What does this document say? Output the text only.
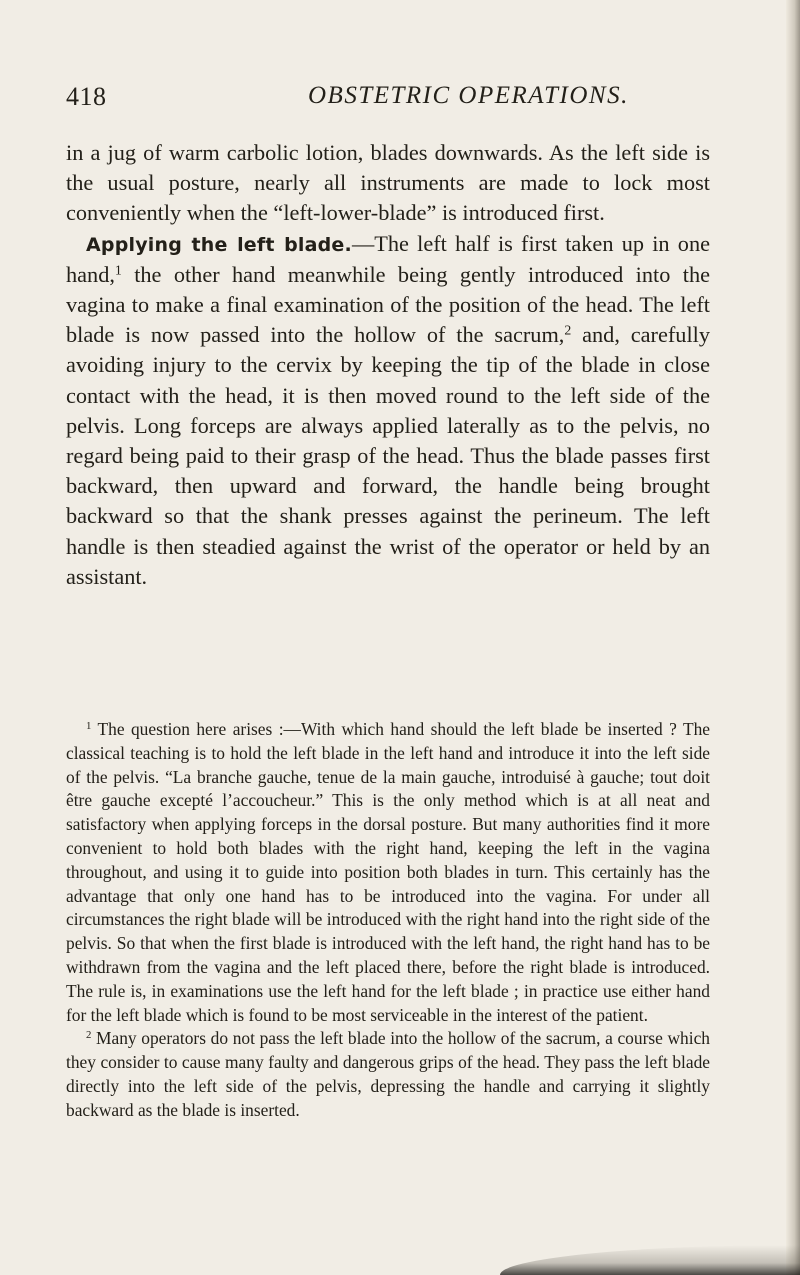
418	OBSTETRIC OPERATIONS.

in a jug of warm carbolic lotion, blades downwards. As the left side is the usual posture, nearly all instruments are made to lock most conveniently when the “left-lower-blade” is introduced first.

Applying the left blade.—The left half is first taken up in one hand,$^1$ the other hand meanwhile being gently introduced into the vagina to make a final examination of the position of the head. The left blade is now passed into the hollow of the sacrum,$^2$ and, carefully avoiding injury to the cervix by keeping the tip of the blade in close contact with the head, it is then moved round to the left side of the pelvis. Long forceps are always applied laterally as to the pelvis, no regard being paid to their grasp of the head. Thus the blade passes first backward, then upward and forward, the handle being brought backward so that the shank presses against the perineum. The left handle is then steadied against the wrist of the operator or held by an assistant.

$^1$ The question here arises :—With which hand should the left blade be inserted ? The classical teaching is to hold the left blade in the left hand and introduce it into the left side of the pelvis. “La branche gauche, tenue de la main gauche, introduisé à gauche; tout doit être gauche excepté l’accoucheur.” This is the only method which is at all neat and satisfactory when applying forceps in the dorsal posture. But many authorities find it more convenient to hold both blades with the right hand, keeping the left in the vagina throughout, and using it to guide into position both blades in turn. This certainly has the advantage that only one hand has to be introduced into the vagina. For under all circumstances the right blade will be introduced with the right hand into the right side of the pelvis. So that when the first blade is introduced with the left hand, the right hand has to be withdrawn from the vagina and the left placed there, before the right blade is introduced. The rule is, in examinations use the left hand for the left blade ; in practice use either hand for the left blade which is found to be most serviceable in the interest of the patient.

$^2$ Many operators do not pass the left blade into the hollow of the sacrum, a course which they consider to cause many faulty and dangerous grips of the head. They pass the left blade directly into the left side of the pelvis, depressing the handle and carrying it slightly backward as the blade is inserted.
